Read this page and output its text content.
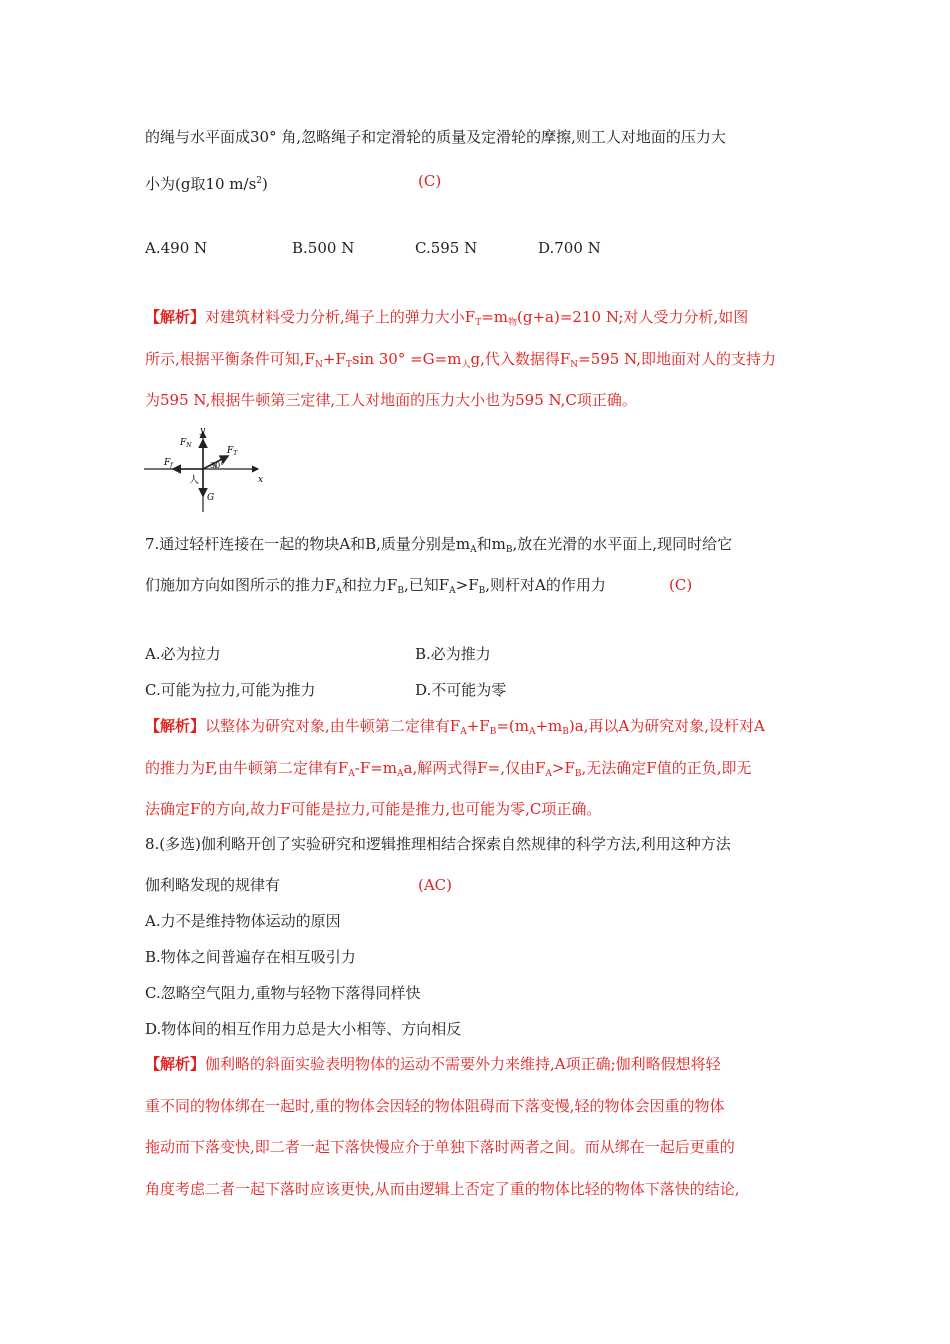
的绳与水平面成30° 角,忽略绳子和定滑轮的质量及定滑轮的摩擦,则工人对地面的压力大
小为(g取10 $m/s^2$)	(C)
A.490 N	B.500 N	C.595 N	D.700 N
【解析】对建筑材料受力分析,绳子上的弹力大小$F_T=m_物(g+a)=210$ N;对人受力分析,如图
所示,根据平衡条件可知$,F_N+F_T\sin$ $30^\circ =G=m_人g$,代入数据得$F_N=595$ N,即地面对人的支持力
为595 N,根据牛顿第三定律,工人对地面的压力大小也为595 N,C项正确。
y
x
$F_N$
$F_T$
$F_f$	30°
人
G
7.通过轻杆连接在一起的物块A和B,质量分别是$m_A$和$m_B$,放在光滑的水平面上,现同时给它
们施加方向如图所示的推力$F_A$和拉力$F_B$,已知$F_A>F_B$,则杆对A的作用力	(C)
A.必为拉力	B.必为推力
C.可能为拉力,可能为推力	D.不可能为零
【解析】以整体为研究对象,由牛顿第二定律有$F_A+F_B=(m_A+m_B)a$,再以A为研究对象,设杆对A
的推力为F,由牛顿第二定律有$F_A-F=m_Aa$,解两式得F=,仅由$F_A>F_B$,无法确定F值的正负,即无
法确定F的方向,故力F可能是拉力,可能是推力,也可能为零,C项正确。
8.(多选)伽利略开创了实验研究和逻辑推理相结合探索自然规律的科学方法,利用这种方法
伽利略发现的规律有	(AC)
A.力不是维持物体运动的原因
B.物体之间普遍存在相互吸引力
C.忽略空气阻力,重物与轻物下落得同样快
D.物体间的相互作用力总是大小相等、方向相反
【解析】伽利略的斜面实验表明物体的运动不需要外力来维持,A项正确;伽利略假想将轻
重不同的物体绑在一起时,重的物体会因轻的物体阻碍而下落变慢,轻的物体会因重的物体
拖动而下落变快,即二者一起下落快慢应介于单独下落时两者之间。而从绑在一起后更重的
角度考虑二者一起下落时应该更快,从而由逻辑上否定了重的物体比轻的物体下落快的结论,
